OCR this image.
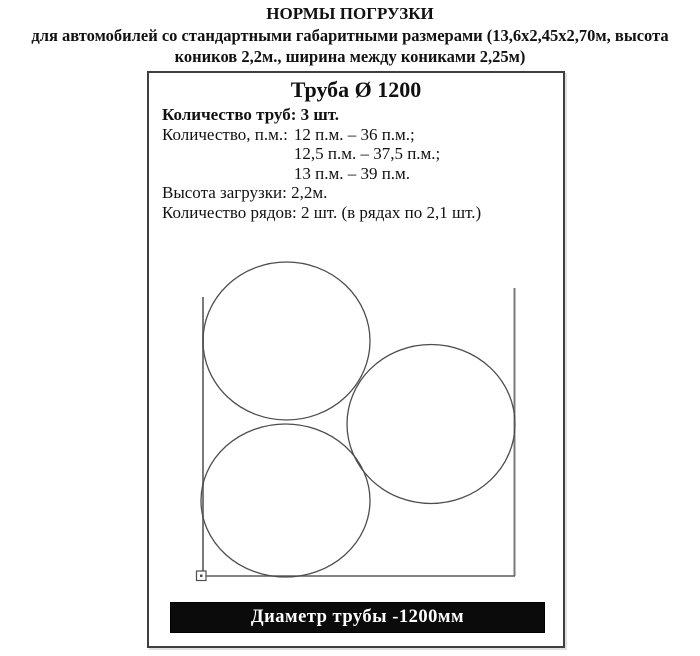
НОРМЫ ПОГРУЗКИ
для автомобилей со стандартными габаритными размерами (13,6х2,45х2,70м, высота
коников 2,2м., ширина между кониками 2,25м)
Труба Ø 1200
Количество труб: 3 шт.
Количество, п.м.: 12 п.м. – 36 п.м.;
12,5 п.м. – 37,5 п.м.;
13 п.м. – 39 п.м.
Высота загрузки: 2,2м.
Количество рядов: 2 шт. (в рядах по 2,1 шт.)
Диаметр трубы -1200мм
